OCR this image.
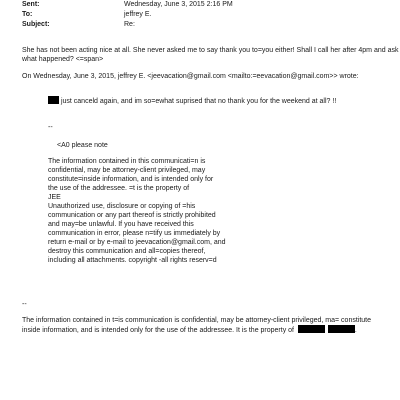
Sent:	Wednesday, June 3, 2015 2:16 PM
To:	jeffrey E.
Subject:	Re:
She has not been acting nice at all. She never asked me to say thank you to=you either! Shall I call her after 4pm and ask
what happened? <=span>
On Wednesday, June 3, 2015, jeffrey E. <jeevacation@gmail.com <mailto:=eevacation@gmail.com>> wrote:
just canceld again, and im so=ewhat suprised that no thank you for the weekend at all? !!
--
<A0 please note
The information contained in this communicati=n is
confidential, may be attorney-client privileged, may
constitute=inside information, and is intended only for
the use of the addressee. =t is the property of
JEE
Unauthorized use, disclosure or copying of =his
communication or any part thereof is strictly prohibited
and may=be unlawful. If you have received this
communication in error, please n=tify us immediately by
return e-mail or by e-mail to jeevacation@gmail.com, and
destroy this communication and all=copies thereof,
including all attachments. copyright -all rights reserv=d
--
The information contained in t=is communication is confidential, may be attorney-client privileged, ma= constitute
inside information, and is intended only for the use of the addressee. It is the property of	.
